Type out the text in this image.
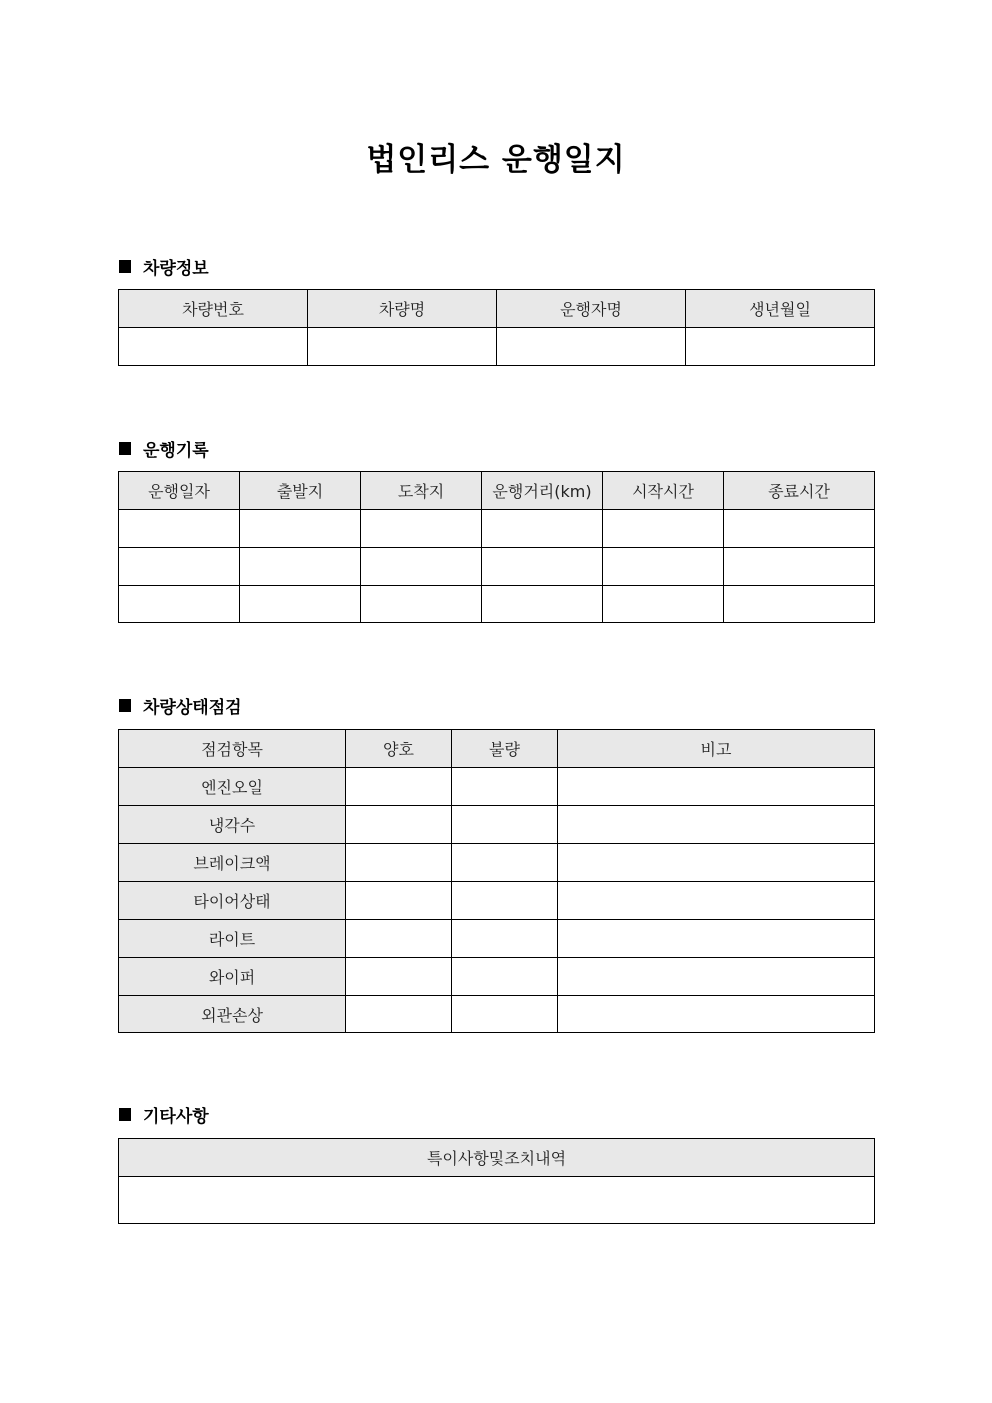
법인리스 운행일지
차량정보
차량번호	차량명	운행자명	생년월일

운행기록
운행일자	출발지	도착지	운행거리(km)	시작시간	종료시간

차량상태점검
점검항목	양호	불량	비고
엔진오일			
냉각수			
브레이크액			
타이어상태			
라이트			
와이퍼			
외관손상			
기타사항
특이사항및조치내역
